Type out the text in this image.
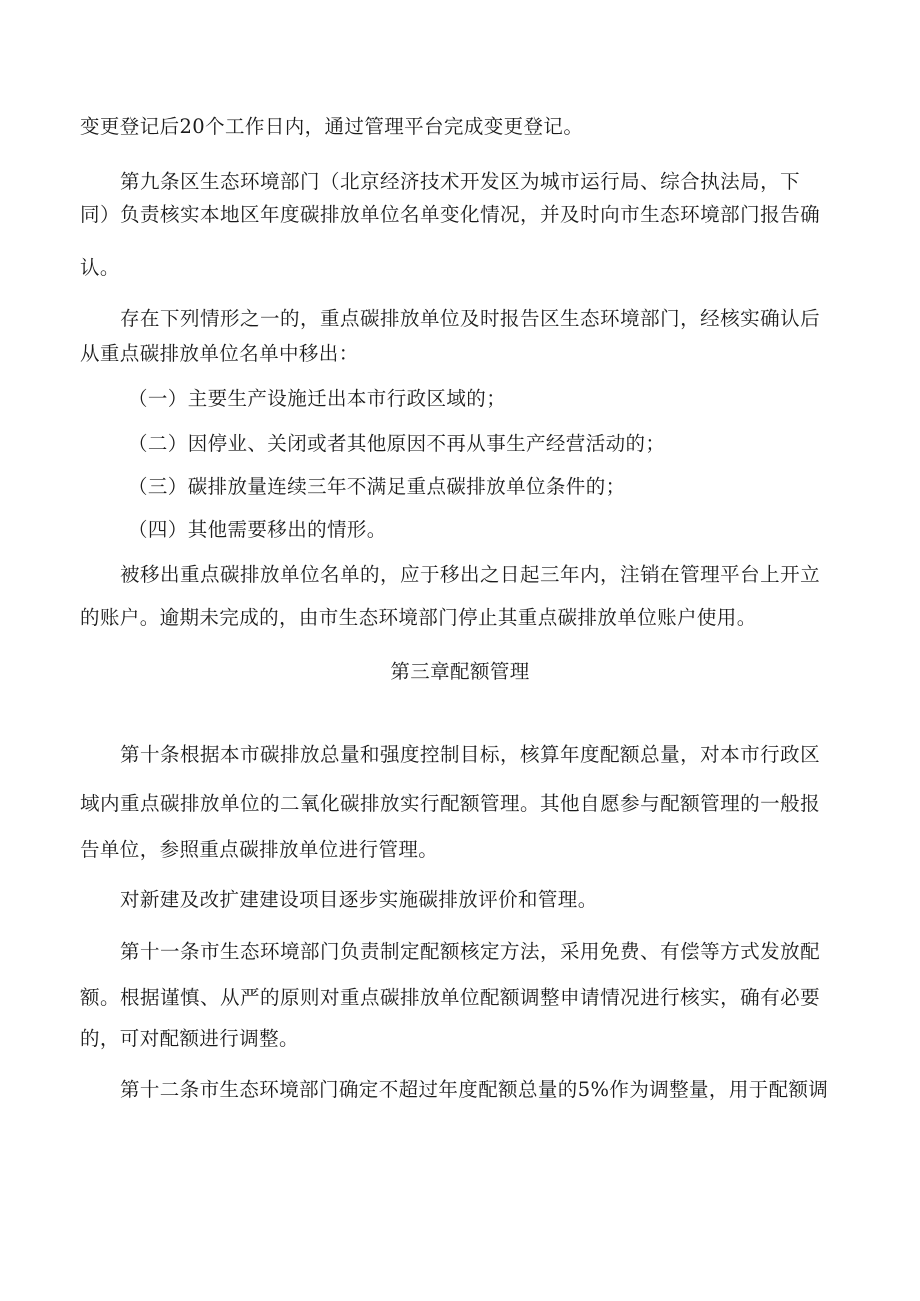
变更登记后20个工作日内，通过管理平台完成变更登记。
第九条区生态环境部门（北京经济技术开发区为城市运行局、综合执法局，下
同）负责核实本地区年度碳排放单位名单变化情况，并及时向市生态环境部门报告确
认。
存在下列情形之一的，重点碳排放单位及时报告区生态环境部门，经核实确认后
从重点碳排放单位名单中移出：
（一）主要生产设施迁出本市行政区域的；
（二）因停业、关闭或者其他原因不再从事生产经营活动的；
（三）碳排放量连续三年不满足重点碳排放单位条件的；
（四）其他需要移出的情形。
被移出重点碳排放单位名单的，应于移出之日起三年内，注销在管理平台上开立
的账户。逾期未完成的，由市生态环境部门停止其重点碳排放单位账户使用。
第三章配额管理
第十条根据本市碳排放总量和强度控制目标，核算年度配额总量，对本市行政区
域内重点碳排放单位的二氧化碳排放实行配额管理。其他自愿参与配额管理的一般报
告单位，参照重点碳排放单位进行管理。
对新建及改扩建建设项目逐步实施碳排放评价和管理。
第十一条市生态环境部门负责制定配额核定方法，采用免费、有偿等方式发放配
额。根据谨慎、从严的原则对重点碳排放单位配额调整申请情况进行核实，确有必要
的，可对配额进行调整。
第十二条市生态环境部门确定不超过年度配额总量的5%作为调整量，用于配额调
